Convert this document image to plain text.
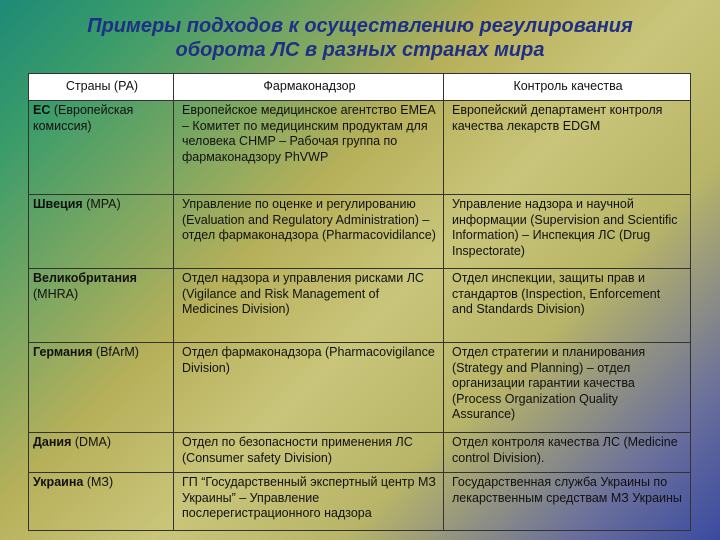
Примеры подходов к осуществлению регулирования
оборота ЛС в разных странах мира
Страны (РА)	Фармаконадзор	Контроль качества
ЕС (Европейская комиссия)	Европейское медицинское агентство EMEA – Комитет по медицинским продуктам для человека CHMP – Рабочая группа по фармаконадзору PhVWP	Европейский департамент контроля качества лекарств EDGM
Швеция (MPA)	Управление по оценке и регулированию (Evaluation and Regulatory Administration) – отдел фармаконадзора (Pharmacovidilance)	Управление надзора и научной информации (Supervision and Scientific Information) – Инспекция ЛС (Drug Inspectorate)
Великобритания (MHRA)	Отдел надзора и управления рисками ЛС (Vigilance and Risk Management of Medicines Division)	Отдел инспекции, защиты прав и стандартов (Inspection, Enforcement and Standards Division)
Германия (BfArM)	Отдел фармаконадзора (Pharmacovigilance Division)	Отдел стратегии и планирования (Strategy and Planning) – отдел организации гарантии качества (Process Organization Quality Assurance)
Дания (DMA)	Отдел по безопасности применения ЛС (Consumer safety Division)	Отдел контроля качества ЛС (Medicine control Division).
Украина (МЗ)	ГП “Государственный экспертный центр МЗ Украины” – Управление послерегистрационного надзора	Государственная служба Украины по лекарственным средствам МЗ Украины
